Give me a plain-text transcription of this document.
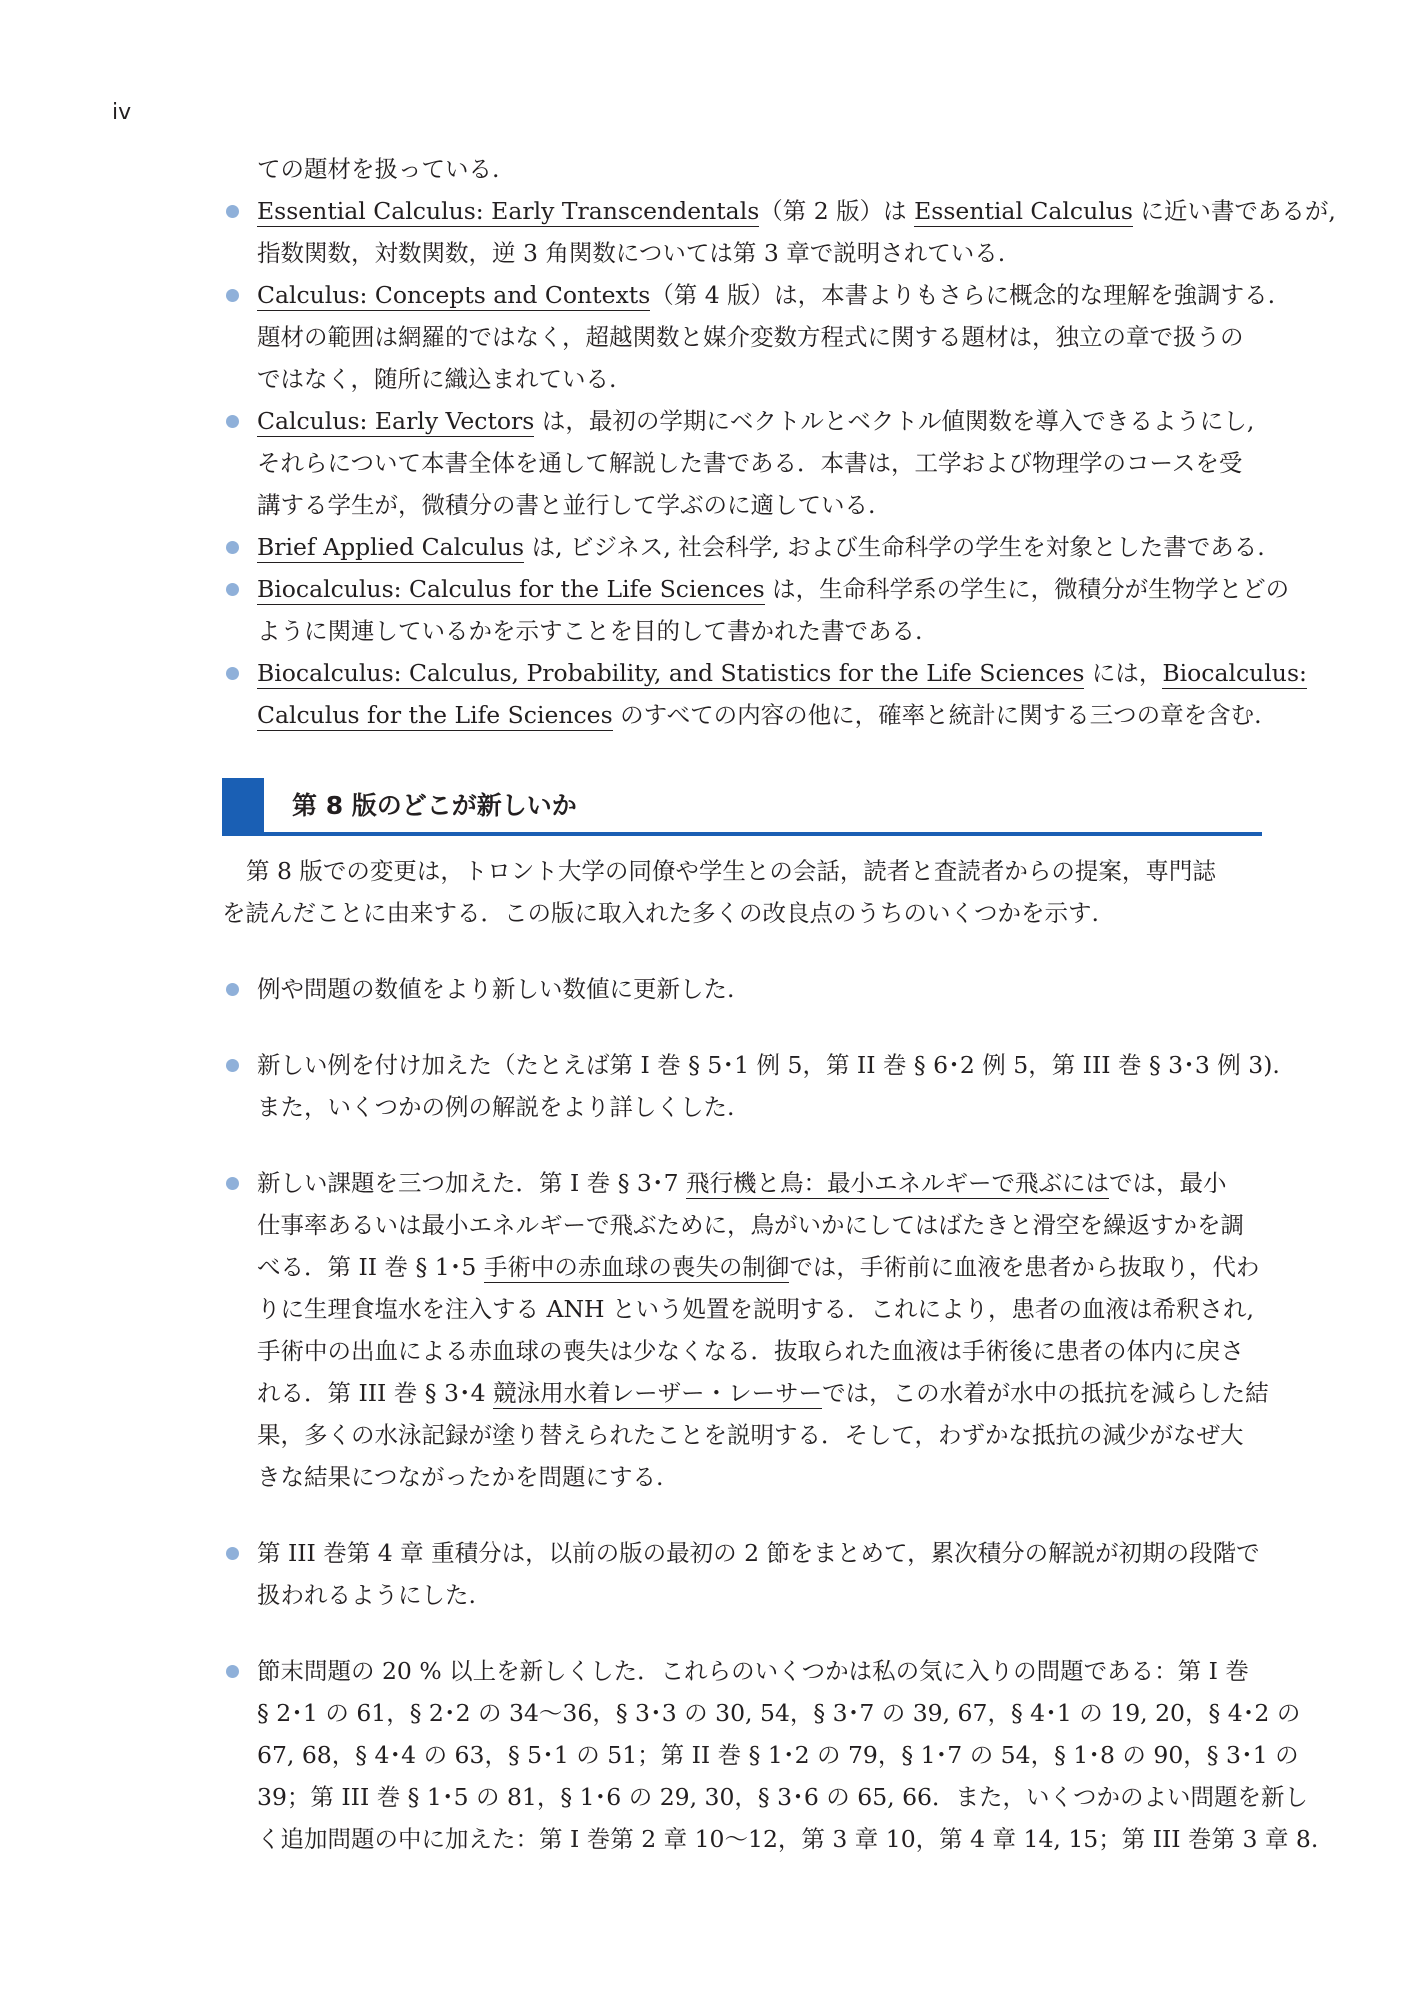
iv
ての題材を扱っている.
Essential Calculus: Early Transcendentals（第 2 版）は Essential Calculus に近い書であるが,
指数関数，対数関数，逆 3 角関数については第 3 章で説明されている.
Calculus: Concepts and Contexts（第 4 版）は，本書よりもさらに概念的な理解を強調する.
題材の範囲は網羅的ではなく，超越関数と媒介変数方程式に関する題材は，独立の章で扱うの
ではなく，随所に織込まれている.
Calculus: Early Vectors は，最初の学期にベクトルとベクトル値関数を導入できるようにし,
それらについて本書全体を通して解説した書である．本書は，工学および物理学のコースを受
講する学生が，微積分の書と並行して学ぶのに適している.
Brief Applied Calculus は, ビジネス, 社会科学, および生命科学の学生を対象とした書である.
Biocalculus: Calculus for the Life Sciences は，生命科学系の学生に，微積分が生物学とどの
ように関連しているかを示すことを目的して書かれた書である.
Biocalculus: Calculus, Probability, and Statistics for the Life Sciences には，Biocalculus:
Calculus for the Life Sciences のすべての内容の他に，確率と統計に関する三つの章を含む.
第 8 版のどこが新しいか
第 8 版での変更は，トロント大学の同僚や学生との会話，読者と査読者からの提案，専門誌
を読んだことに由来する．この版に取入れた多くの改良点のうちのいくつかを示す.
例や問題の数値をより新しい数値に更新した.
新しい例を付け加えた（たとえば第 I 巻 § 5･1 例 5，第 II 巻 § 6･2 例 5，第 III 巻 § 3･3 例 3).
また，いくつかの例の解説をより詳しくした.
新しい課題を三つ加えた．第 I 巻 § 3･7 飛行機と鳥：最小エネルギーで飛ぶにはでは，最小
仕事率あるいは最小エネルギーで飛ぶために，鳥がいかにしてはばたきと滑空を繰返すかを調
べる．第 II 巻 § 1･5 手術中の赤血球の喪失の制御では，手術前に血液を患者から抜取り，代わ
りに生理食塩水を注入する ANH という処置を説明する．これにより，患者の血液は希釈され,
手術中の出血による赤血球の喪失は少なくなる．抜取られた血液は手術後に患者の体内に戻さ
れる．第 III 巻 § 3･4 競泳用水着レーザー・レーサーでは，この水着が水中の抵抗を減らした結
果，多くの水泳記録が塗り替えられたことを説明する．そして，わずかな抵抗の減少がなぜ大
きな結果につながったかを問題にする.
第 III 巻第 4 章 重積分は，以前の版の最初の 2 節をまとめて，累次積分の解説が初期の段階で
扱われるようにした.
節末問題の 20 % 以上を新しくした．これらのいくつかは私の気に入りの問題である：第 I 巻
§ 2･1 の 61，§ 2･2 の 34～36，§ 3･3 の 30, 54，§ 3･7 の 39, 67，§ 4･1 の 19, 20，§ 4･2 の
67, 68，§ 4･4 の 63，§ 5･1 の 51；第 II 巻 § 1･2 の 79，§ 1･7 の 54，§ 1･8 の 90，§ 3･1 の
39；第 III 巻 § 1･5 の 81，§ 1･6 の 29, 30，§ 3･6 の 65, 66．また，いくつかのよい問題を新し
く追加問題の中に加えた：第 I 巻第 2 章 10～12，第 3 章 10，第 4 章 14, 15；第 III 巻第 3 章 8.
